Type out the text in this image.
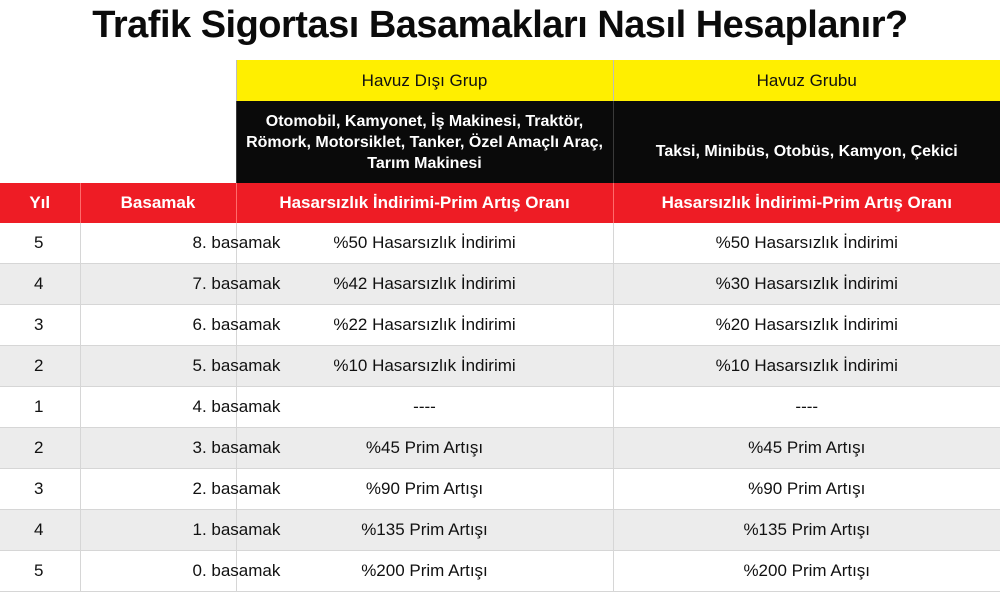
Trafik Sigortası Basamakları Nasıl Hesaplanır?
		Havuz Dışı Grup	Havuz Grubu
		Otomobil, Kamyonet, İş Makinesi, Traktör, Römork, Motorsiklet, Tanker, Özel Amaçlı Araç, Tarım Makinesi	Taksi, Minibüs, Otobüs, Kamyon, Çekici
Yıl	Basamak	Hasarsızlık İndirimi-Prim Artış Oranı	Hasarsızlık İndirimi-Prim Artış Oranı
5	8. basamak	%50 Hasarsızlık İndirimi	%50 Hasarsızlık İndirimi
4	7. basamak	%42 Hasarsızlık İndirimi	%30 Hasarsızlık İndirimi
3	6. basamak	%22 Hasarsızlık İndirimi	%20 Hasarsızlık İndirimi
2	5. basamak	%10 Hasarsızlık İndirimi	%10 Hasarsızlık İndirimi
1	4. basamak	----	----
2	3. basamak	%45 Prim Artışı	%45 Prim Artışı
3	2. basamak	%90 Prim Artışı	%90 Prim Artışı
4	1. basamak	%135 Prim Artışı	%135 Prim Artışı
5	0. basamak	%200 Prim Artışı	%200 Prim Artışı
